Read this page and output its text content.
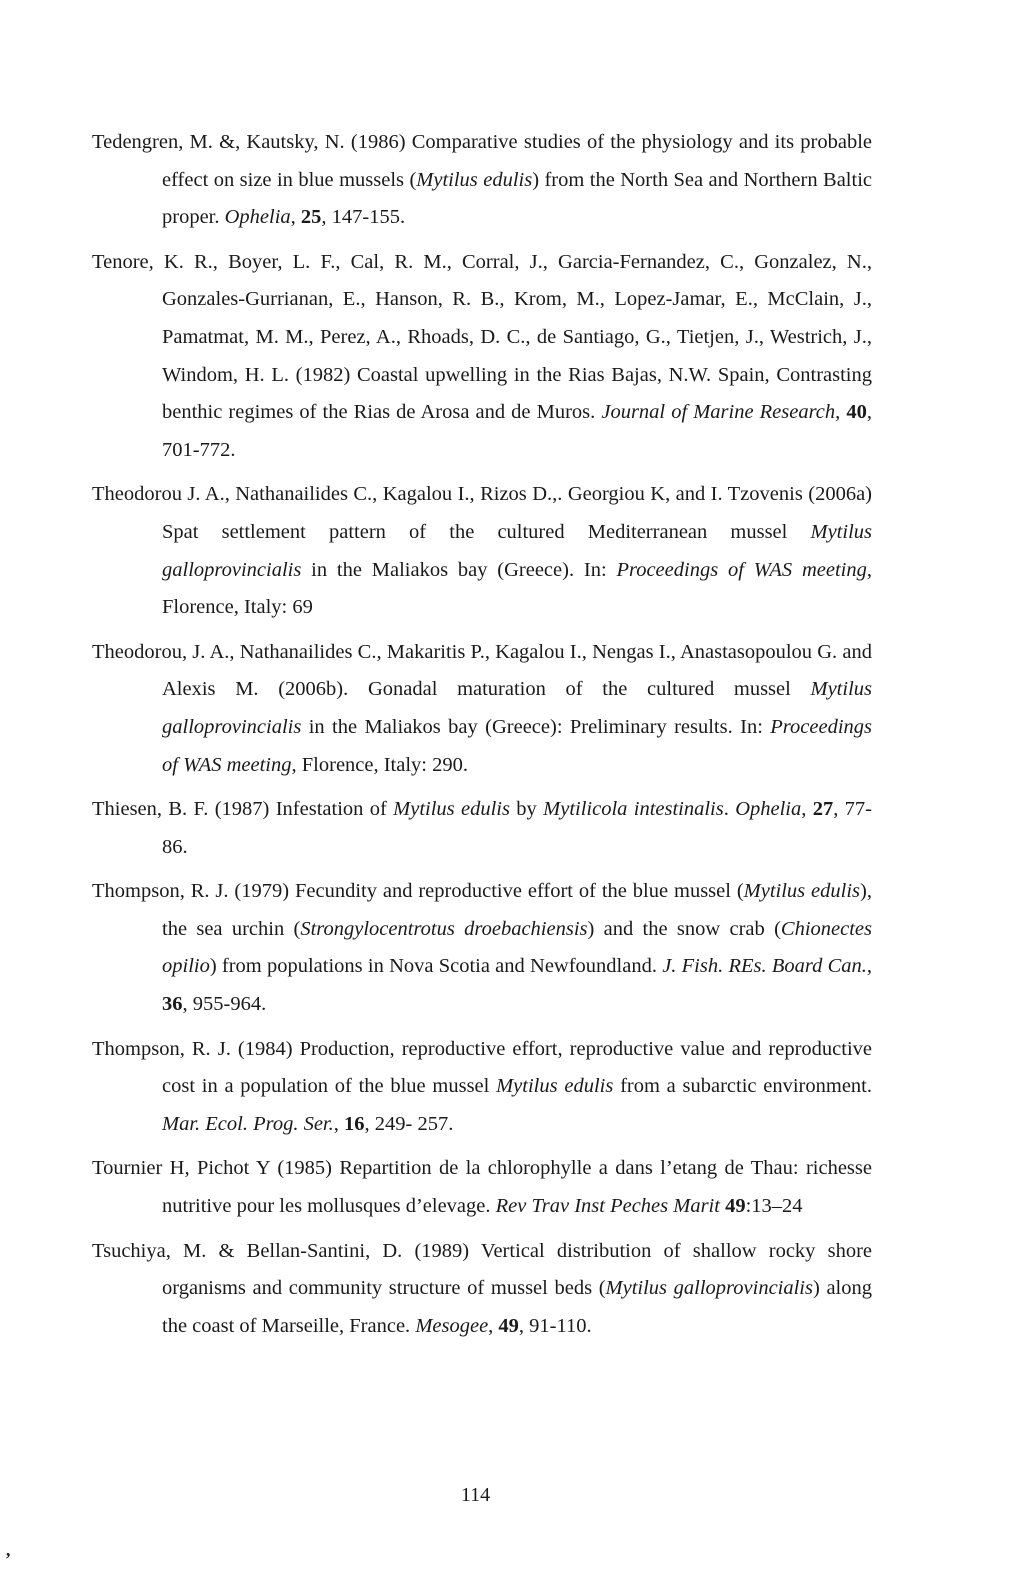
Tedengren, M. &, Kautsky, N. (1986) Comparative studies of the physiology and its probable effect on size in blue mussels (Mytilus edulis) from the North Sea and Northern Baltic proper. Ophelia, 25, 147-155.

Tenore, K. R., Boyer, L. F., Cal, R. M., Corral, J., Garcia-Fernandez, C., Gonzalez, N., Gonzales-Gurrianan, E., Hanson, R. B., Krom, M., Lopez-Jamar, E., McClain, J., Pamatmat, M. M., Perez, A., Rhoads, D. C., de Santiago, G., Tietjen, J., Westrich, J., Windom, H. L. (1982) Coastal upwelling in the Rias Bajas, N.W. Spain, Contrasting benthic regimes of the Rias de Arosa and de Muros. Journal of Marine Research, 40, 701-772.

Theodorou J. A., Nathanailides C., Kagalou I., Rizos D.,. Georgiou K, and I. Tzovenis (2006a) Spat settlement pattern of the cultured Mediterranean mussel Mytilus galloprovincialis in the Maliakos bay (Greece). In: Proceedings of WAS meeting, Florence, Italy: 69

Theodorou, J. A., Nathanailides C., Makaritis P., Kagalou I., Nengas I., Anastasopoulou G. and Alexis M. (2006b). Gonadal maturation of the cultured mussel Mytilus galloprovincialis in the Maliakos bay (Greece): Preliminary results. In: Proceedings of WAS meeting, Florence, Italy: 290.

Thiesen, B. F. (1987) Infestation of Mytilus edulis by Mytilicola intestinalis. Ophelia, 27, 77-86.

Thompson, R. J. (1979) Fecundity and reproductive effort of the blue mussel (Mytilus edulis), the sea urchin (Strongylocentrotus droebachiensis) and the snow crab (Chionectes opilio) from populations in Nova Scotia and Newfoundland. J. Fish. REs. Board Can., 36, 955-964.

Thompson, R. J. (1984) Production, reproductive effort, reproductive value and reproductive cost in a population of the blue mussel Mytilus edulis from a subarctic environment. Mar. Ecol. Prog. Ser., 16, 249- 257.

Tournier H, Pichot Y (1985) Repartition de la chlorophylle a dans l’etang de Thau: richesse nutritive pour les mollusques d’elevage. Rev Trav Inst Peches Marit 49:13–24

Tsuchiya, M. & Bellan-Santini, D. (1989) Vertical distribution of shallow rocky shore organisms and community structure of mussel beds (Mytilus galloprovincialis) along the coast of Marseille, France. Mesogee, 49, 91-110.

114
’
